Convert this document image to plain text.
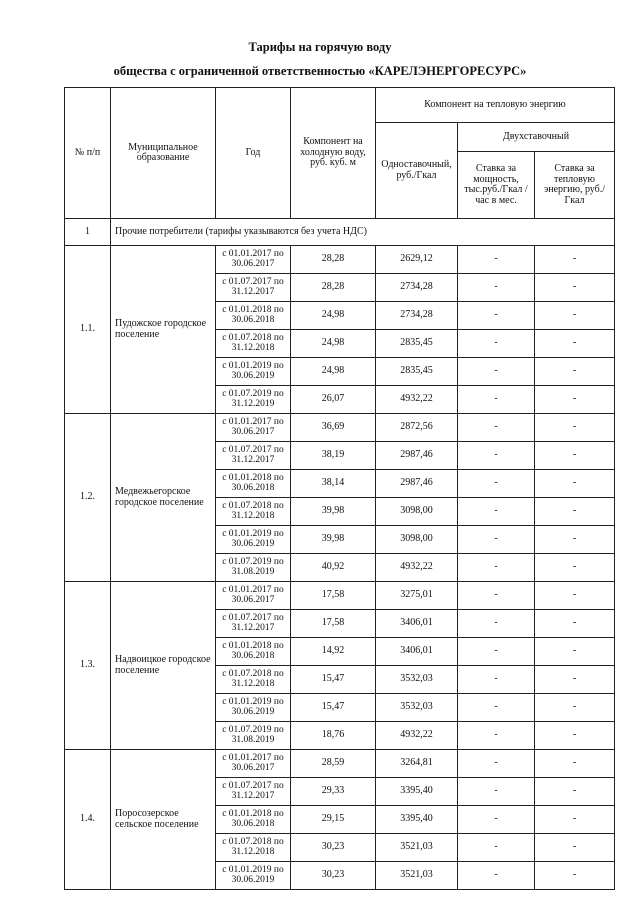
Тарифы на горячую воду
общества с ограниченной ответственностью «КАРЕЛЭНЕРГОРЕСУРС»
№ п/п	Муниципальное образование	Год	Компонент на холодную воду, руб. куб. м	Компонент на тепловую энергию		
				Одноставочный, руб./Гкал	Двухставочный	
					Ставка за мощность, тыс.руб./Гкал / час в мес.	Ставка за тепловую энергию, руб./Гкал
1	Прочие потребители (тарифы указываются без учета НДС)					
1.1.	Пудожское городское поселение	с 01.01.2017 по 30.06.2017	28,28	2629,12	-	-
		с 01.07.2017 по 31.12.2017	28,28	2734,28	-	-
		с 01.01.2018 по 30.06.2018	24,98	2734,28	-	-
		с 01.07.2018 по 31.12.2018	24,98	2835,45	-	-
		с 01.01.2019 по 30.06.2019	24,98	2835,45	-	-
		с 01.07.2019 по 31.12.2019	26,07	4932,22	-	-
1.2.	Медвежьегорское городское поселение	с 01.01.2017 по 30.06.2017	36,69	2872,56	-	-
		с 01.07.2017 по 31.12.2017	38,19	2987,46	-	-
		с 01.01.2018 по 30.06.2018	38,14	2987,46	-	-
		с 01.07.2018 по 31.12.2018	39,98	3098,00	-	-
		с 01.01.2019 по 30.06.2019	39,98	3098,00	-	-
		с 01.07.2019 по 31.08.2019	40,92	4932,22	-	-
1.3.	Надвоицкое городское поселение	с 01.01.2017 по 30.06.2017	17,58	3275,01	-	-
		с 01.07.2017 по 31.12.2017	17,58	3406,01	-	-
		с 01.01.2018 по 30.06.2018	14,92	3406,01	-	-
		с 01.07.2018 по 31.12.2018	15,47	3532,03	-	-
		с 01.01.2019 по 30.06.2019	15,47	3532,03	-	-
		с 01.07.2019 по 31.08.2019	18,76	4932,22	-	-
1.4.	Поросозерское сельское поселение	с 01.01.2017 по 30.06.2017	28,59	3264,81	-	-
		с 01.07.2017 по 31.12.2017	29,33	3395,40	-	-
		с 01.01.2018 по 30.06.2018	29,15	3395,40	-	-
		с 01.07.2018 по 31.12.2018	30,23	3521,03	-	-
		с 01.01.2019 по 30.06.2019	30,23	3521,03	-	-
